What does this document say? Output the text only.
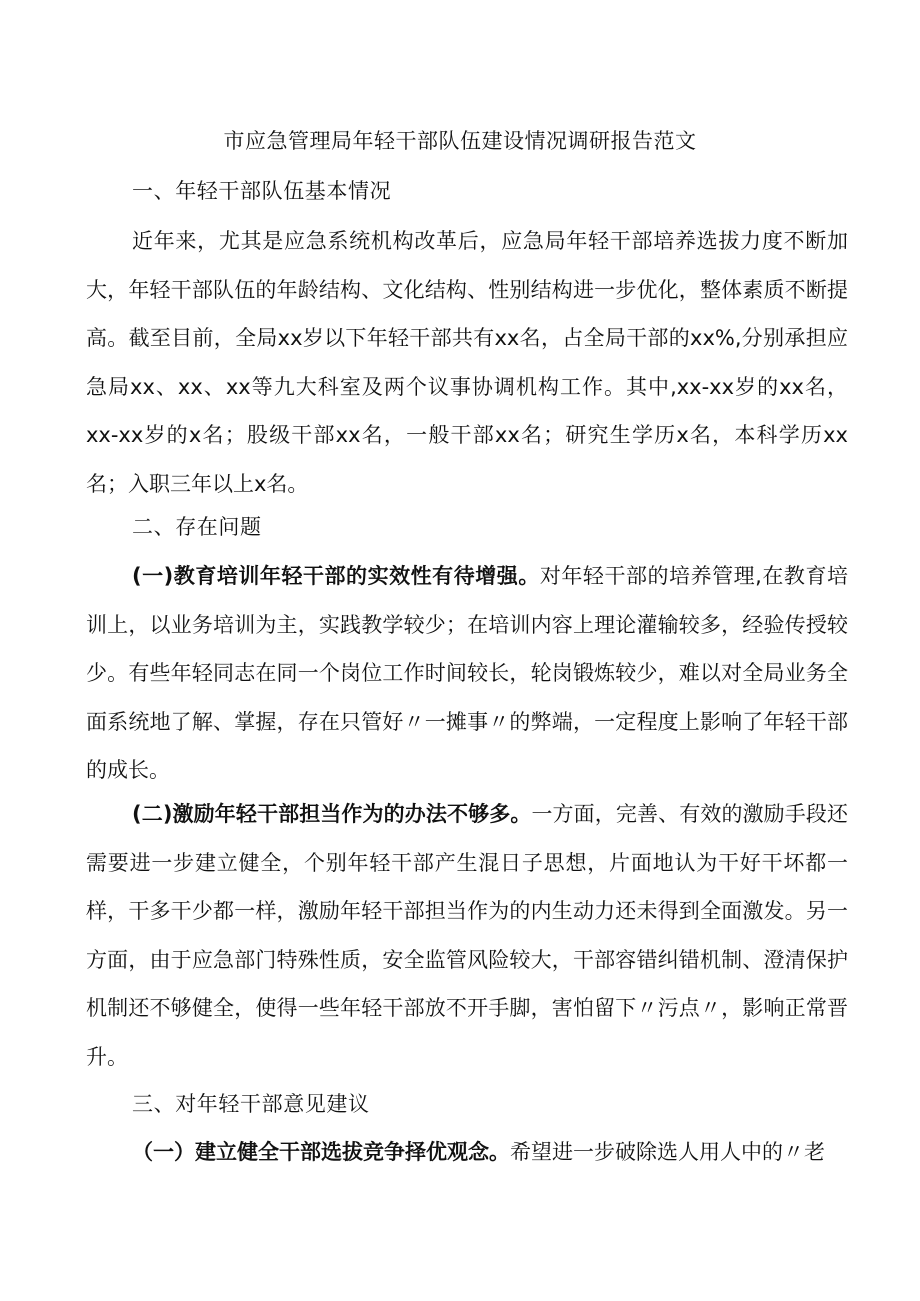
市应急管理局年轻干部队伍建设情况调研报告范文
一、年轻干部队伍基本情况
近年来，尤其是应急系统机构改革后，应急局年轻干部培养选拔力度不断加大，年轻干部队伍的年龄结构、文化结构、性别结构进一步优化，整体素质不断提高。截至目前，全局xx岁以下年轻干部共有xx名，占全局干部的xx%,分别承担应急局xx、xx、xx等九大科室及两个议事协调机构工作。其中,xx-xx岁的xx名，xx-xx岁的x名；股级干部xx名，一般干部xx名；研究生学历x名，本科学历xx名；入职三年以上x名。
二、存在问题
(一)教育培训年轻干部的实效性有待增强。对年轻干部的培养管理,在教育培训上，以业务培训为主，实践教学较少；在培训内容上理论灌输较多，经验传授较少。有些年轻同志在同一个岗位工作时间较长，轮岗锻炼较少，难以对全局业务全面系统地了解、掌握，存在只管好〃一摊事〃的弊端，一定程度上影响了年轻干部的成长。
(二)激励年轻干部担当作为的办法不够多。一方面，完善、有效的激励手段还需要进一步建立健全，个别年轻干部产生混日子思想，片面地认为干好干坏都一样，干多干少都一样，激励年轻干部担当作为的内生动力还未得到全面激发。另一方面，由于应急部门特殊性质，安全监管风险较大，干部容错纠错机制、澄清保护机制还不够健全，使得一些年轻干部放不开手脚，害怕留下〃污点〃，影响正常晋升。
三、对年轻干部意见建议
（一）建立健全干部选拔竞争择优观念。希望进一步破除选人用人中的〃老
